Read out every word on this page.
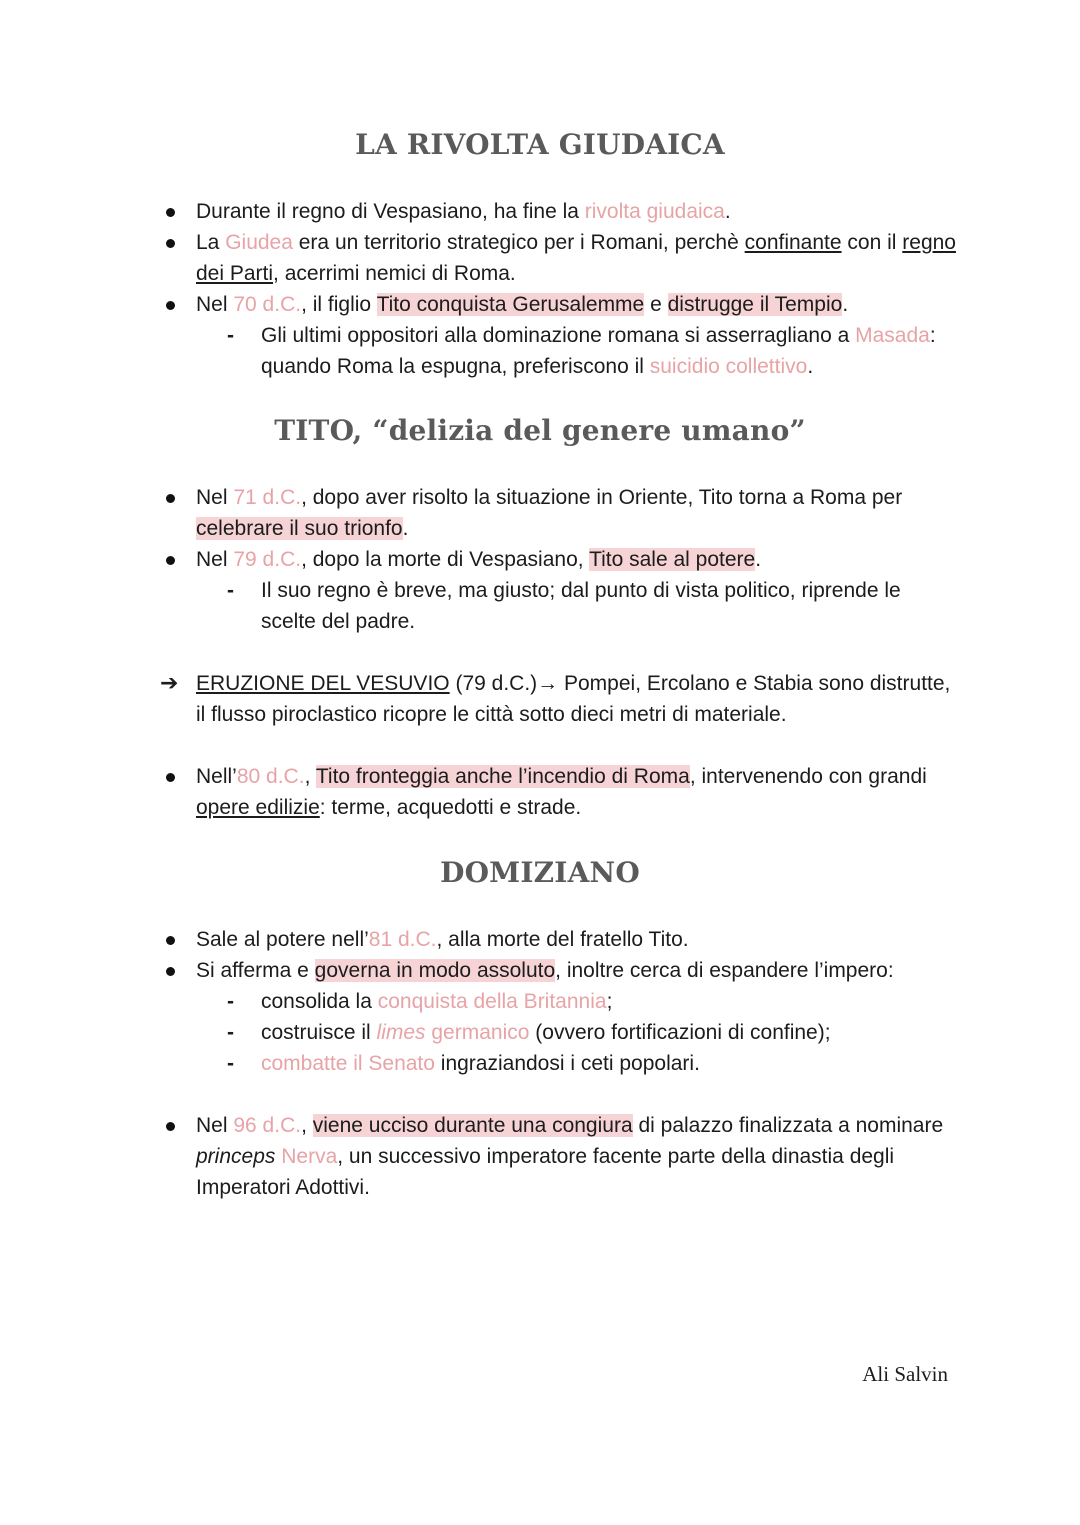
LA RIVOLTA GIUDAICA
Durante il regno di Vespasiano, ha fine la rivolta giudaica.
La Giudea era un territorio strategico per i Romani, perchè confinante con il regno dei Parti, acerrimi nemici di Roma.
Nel 70 d.C., il figlio Tito conquista Gerusalemme e distrugge il Tempio.
- Gli ultimi oppositori alla dominazione romana si asserragliano a Masada: quando Roma la espugna, preferiscono il suicidio collettivo.
TITO, “delizia del genere umano”
Nel 71 d.C., dopo aver risolto la situazione in Oriente, Tito torna a Roma per celebrare il suo trionfo.
Nel 79 d.C., dopo la morte di Vespasiano, Tito sale al potere.
- Il suo regno è breve, ma giusto; dal punto di vista politico, riprende le scelte del padre.
➔ ERUZIONE DEL VESUVIO (79 d.C.)→ Pompei, Ercolano e Stabia sono distrutte, il flusso piroclastico ricopre le città sotto dieci metri di materiale.
Nell’80 d.C., Tito fronteggia anche l’incendio di Roma, intervenendo con grandi opere edilizie: terme, acquedotti e strade.
DOMIZIANO
Sale al potere nell’81 d.C., alla morte del fratello Tito.
Si afferma e governa in modo assoluto, inoltre cerca di espandere l’impero:
- consolida la conquista della Britannia;
- costruisce il limes germanico (ovvero fortificazioni di confine);
- combatte il Senato ingraziandosi i ceti popolari.
Nel 96 d.C., viene ucciso durante una congiura di palazzo finalizzata a nominare princeps Nerva, un successivo imperatore facente parte della dinastia degli Imperatori Adottivi.
Ali Salvin
